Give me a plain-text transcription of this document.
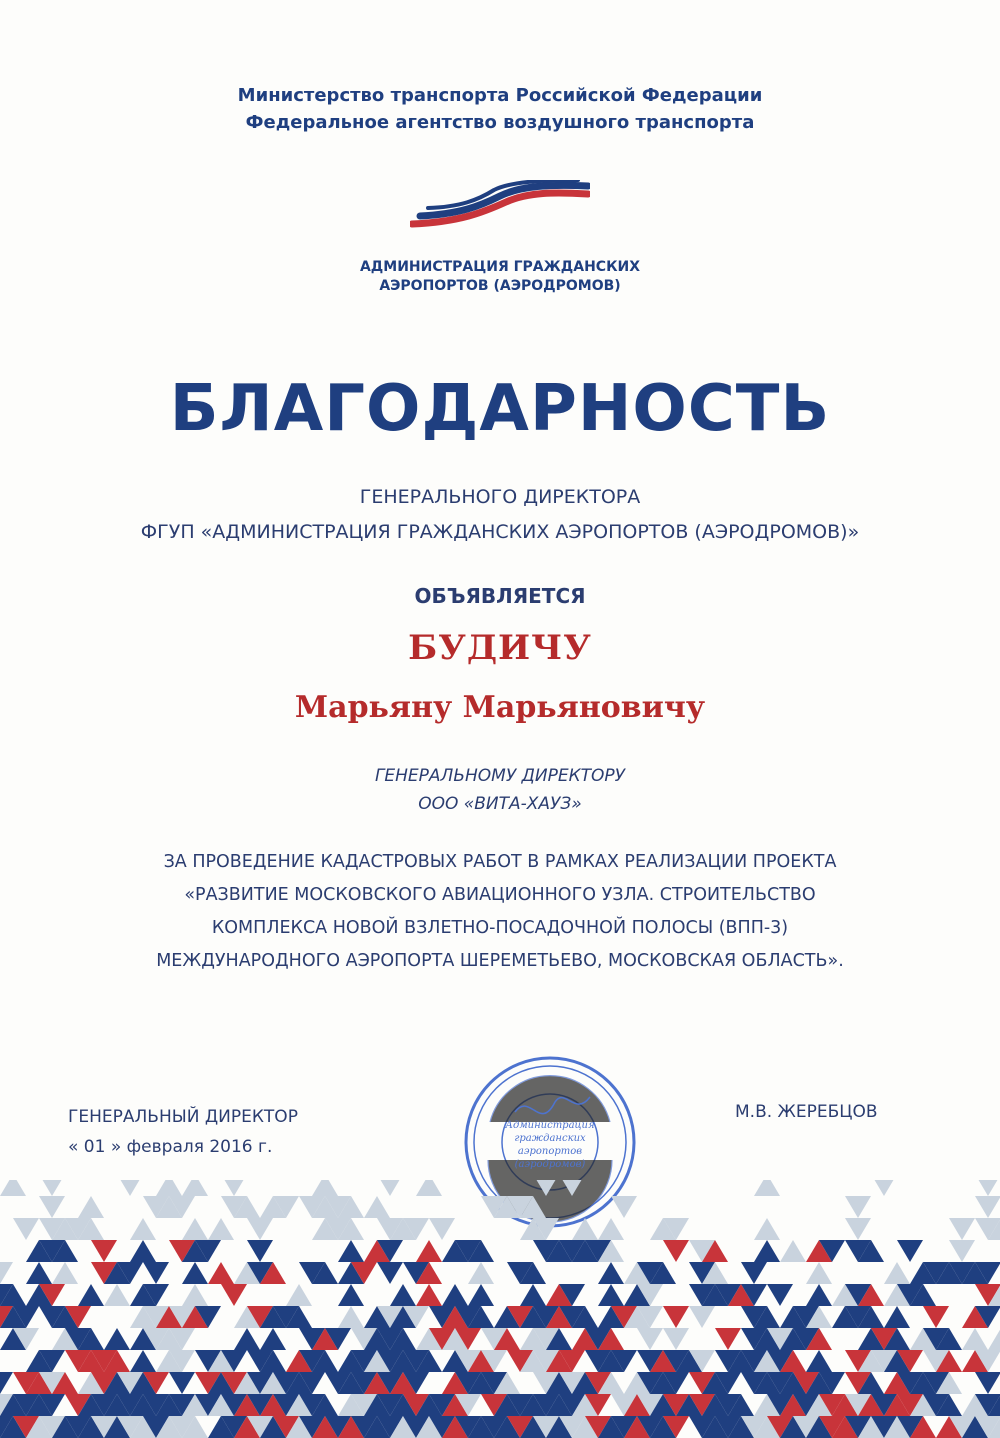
Министерство транспорта Российской Федерации
Федеральное агентство воздушного транспорта
АДМИНИСТРАЦИЯ ГРАЖДАНСКИХ
АЭРОПОРТОВ (АЭРОДРОМОВ)
БЛАГОДАРНОСТЬ
ГЕНЕРАЛЬНОГО ДИРЕКТОРА
ФГУП «АДМИНИСТРАЦИЯ ГРАЖДАНСКИХ АЭРОПОРТОВ (АЭРОДРОМОВ)»
ОБЪЯВЛЯЕТСЯ
БУДИЧУ
Марьяну Марьяновичу
ГЕНЕРАЛЬНОМУ ДИРЕКТОРУ
ООО «ВИТА-ХАУЗ»
ЗА ПРОВЕДЕНИЕ КАДАСТРОВЫХ РАБОТ В РАМКАХ РЕАЛИЗАЦИИ ПРОЕКТА
«РАЗВИТИЕ МОСКОВСКОГО АВИАЦИОННОГО УЗЛА. СТРОИТЕЛЬСТВО
КОМПЛЕКСА НОВОЙ ВЗЛЕТНО-ПОСАДОЧНОЙ ПОЛОСЫ (ВПП-3)
МЕЖДУНАРОДНОГО АЭРОПОРТА ШЕРЕМЕТЬЕВО, МОСКОВСКАЯ ОБЛАСТЬ».
ГЕНЕРАЛЬНЫЙ ДИРЕКТОР
« 01 » февраля 2016 г.
М.В. ЖЕРЕБЦОВ
Администрация
гражданских
аэропортов
(аэродромов)
